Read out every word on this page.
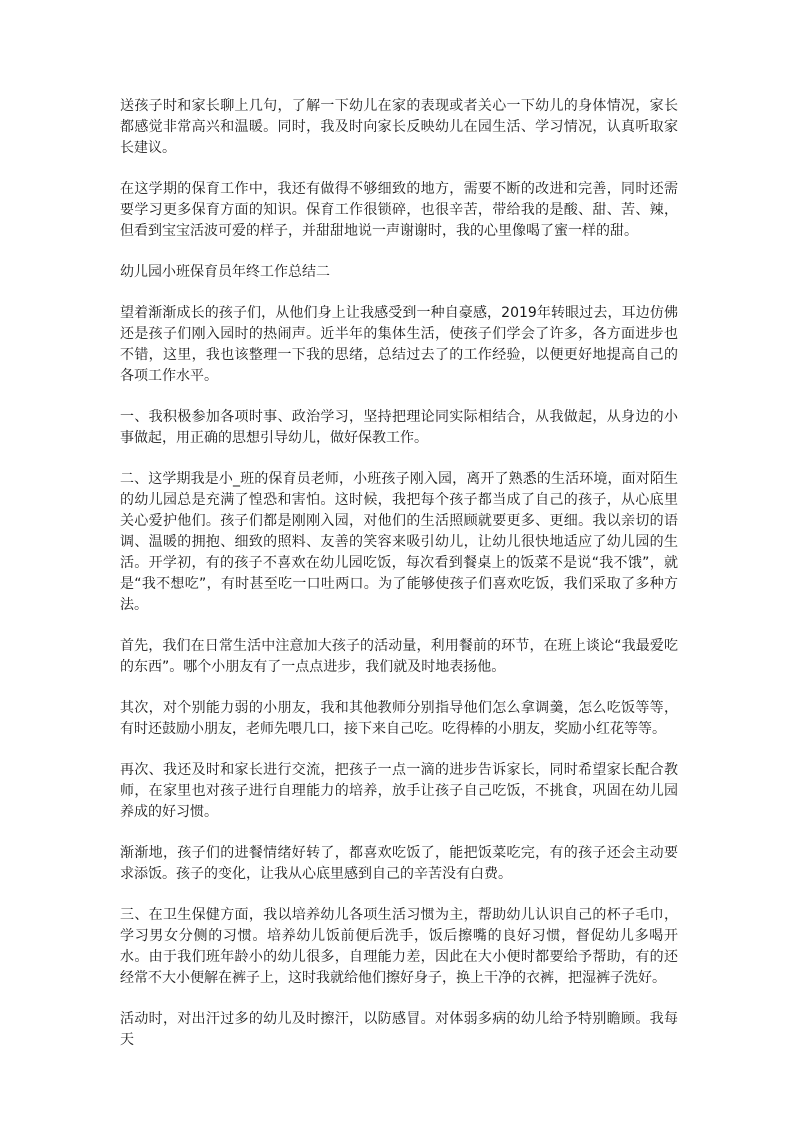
送孩子时和家长聊上几句，了解一下幼儿在家的表现或者关心一下幼儿的身体情况，家长都感觉非常高兴和温暖。同时，我及时向家长反映幼儿在园生活、学习情况，认真听取家长建议。

在这学期的保育工作中，我还有做得不够细致的地方，需要不断的改进和完善，同时还需要学习更多保育方面的知识。保育工作很锁碎，也很辛苦，带给我的是酸、甜、苦、辣，但看到宝宝活波可爱的样子，并甜甜地说一声谢谢时，我的心里像喝了蜜一样的甜。

幼儿园小班保育员年终工作总结二

望着渐渐成长的孩子们，从他们身上让我感受到一种自豪感，2019年转眼过去，耳边仿佛还是孩子们刚入园时的热闹声。近半年的集体生活，使孩子们学会了许多，各方面进步也不错，这里，我也该整理一下我的思绪，总结过去了的工作经验，以便更好地提高自己的各项工作水平。

一、我积极参加各项时事、政治学习，坚持把理论同实际相结合，从我做起，从身边的小事做起，用正确的思想引导幼儿，做好保教工作。

二、这学期我是小_班的保育员老师，小班孩子刚入园，离开了熟悉的生活环境，面对陌生的幼儿园总是充满了惶恐和害怕。这时候，我把每个孩子都当成了自己的孩子，从心底里关心爱护他们。孩子们都是刚刚入园，对他们的生活照顾就要更多、更细。我以亲切的语调、温暖的拥抱、细致的照料、友善的笑容来吸引幼儿，让幼儿很快地适应了幼儿园的生活。开学初，有的孩子不喜欢在幼儿园吃饭，每次看到餐桌上的饭菜不是说“我不饿”，就是“我不想吃”，有时甚至吃一口吐两口。为了能够使孩子们喜欢吃饭，我们采取了多种方法。

首先，我们在日常生活中注意加大孩子的活动量，利用餐前的环节，在班上谈论“我最爱吃的东西”。哪个小朋友有了一点点进步，我们就及时地表扬他。

其次，对个别能力弱的小朋友，我和其他教师分别指导他们怎么拿调羹，怎么吃饭等等，有时还鼓励小朋友，老师先喂几口，接下来自己吃。吃得棒的小朋友，奖励小红花等等。

再次、我还及时和家长进行交流，把孩子一点一滴的进步告诉家长，同时希望家长配合教师，在家里也对孩子进行自理能力的培养，放手让孩子自己吃饭，不挑食，巩固在幼儿园养成的好习惯。

渐渐地，孩子们的进餐情绪好转了，都喜欢吃饭了，能把饭菜吃完，有的孩子还会主动要求添饭。孩子的变化，让我从心底里感到自己的辛苦没有白费。

三、在卫生保健方面，我以培养幼儿各项生活习惯为主，帮助幼儿认识自己的杯子毛巾，学习男女分侧的习惯。培养幼儿饭前便后洗手，饭后擦嘴的良好习惯，督促幼儿多喝开水。由于我们班年龄小的幼儿很多，自理能力差，因此在大小便时都要给予帮助，有的还经常不大小便解在裤子上，这时我就给他们擦好身子，换上干净的衣裤，把湿裤子洗好。

活动时，对出汗过多的幼儿及时擦汗，以防感冒。对体弱多病的幼儿给予特别瞻顾。我每天
